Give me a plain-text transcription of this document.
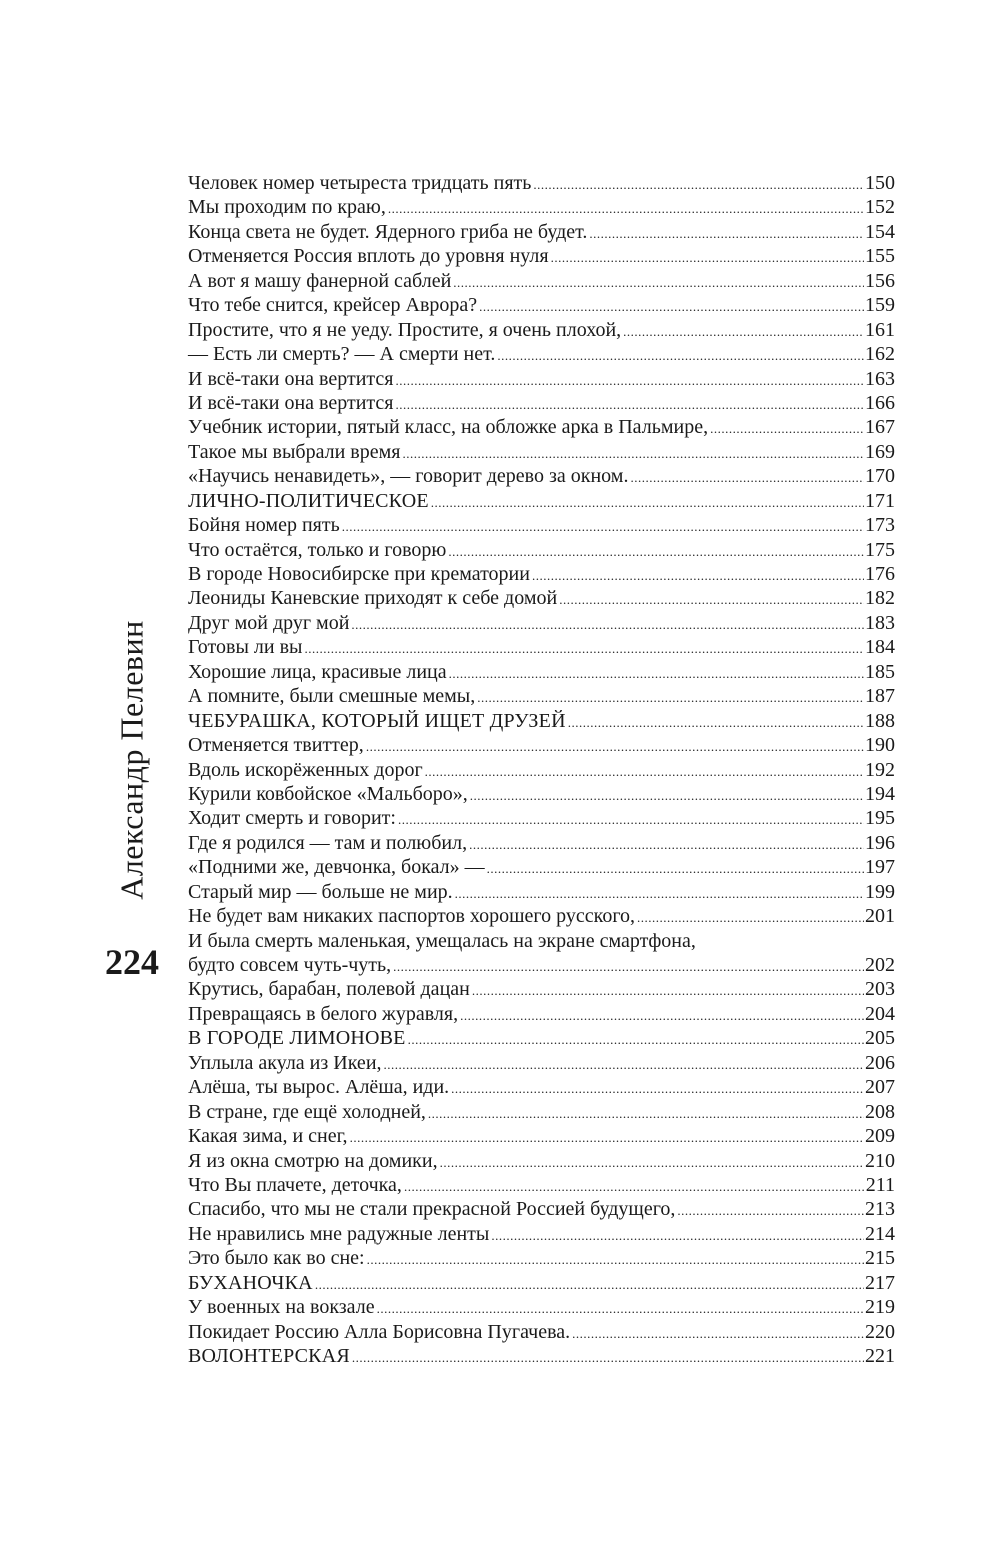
Александр Пелевин
224
Человек номер четыреста тридцать пять .....	150
Мы проходим по краю, .....	152
Конца света не будет. Ядерного гриба не будет. .....	154
Отменяется Россия вплоть до уровня нуля .....	155
А вот я машу фанерной саблей .....	156
Что тебе снится, крейсер Аврора? .....	159
Простите, что я не уеду. Простите, я очень плохой, .....	161
— Есть ли смерть? — А смерти нет. .....	162
И всё-таки она вертится .....	163
И всё-таки она вертится .....	166
Учебник истории, пятый класс, на обложке арка в Пальмире, .....	167
Такое мы выбрали время .....	169
«Научись ненавидеть», — говорит дерево за окном. .....	170
ЛИЧНО-ПОЛИТИЧЕСКОЕ .....	171
Бойня номер пять .....	173
Что остаётся, только и говорю .....	175
В городе Новосибирске при крематории .....	176
Леониды Каневские приходят к себе домой .....	182
Друг мой друг мой .....	183
Готовы ли вы .....	184
Хорошие лица, красивые лица .....	185
А помните, были смешные мемы, .....	187
ЧЕБУРАШКА, КОТОРЫЙ ИЩЕТ ДРУЗЕЙ .....	188
Отменяется твиттер, .....	190
Вдоль искорёженных дорог .....	192
Курили ковбойское «Мальборо», .....	194
Ходит смерть и говорит: .....	195
Где я родился — там и полюбил, .....	196
«Подними же, девчонка, бокал» — .....	197
Старый мир — больше не мир. .....	199
Не будет вам никаких паспортов хорошего русского, .....	201
И была смерть маленькая, умещалась на экране смартфона,
будто совсем чуть-чуть, .....	202
Крутись, барабан, полевой дацан .....	203
Превращаясь в белого журавля, .....	204
В ГОРОДЕ ЛИМОНОВЕ .....	205
Уплыла акула из Икеи, .....	206
Алёша, ты вырос. Алёша, иди. .....	207
В стране, где ещё холодней, .....	208
Какая зима, и снег, .....	209
Я из окна смотрю на домики, .....	210
Что Вы плачете, деточка, .....	211
Спасибо, что мы не стали прекрасной Россией будущего, .....	213
Не нравились мне радужные ленты .....	214
Это было как во сне: .....	215
БУХАНОЧКА .....	217
У военных на вокзале .....	219
Покидает Россию Алла Борисовна Пугачева. .....	220
ВОЛОНТЕРСКАЯ .....	221
